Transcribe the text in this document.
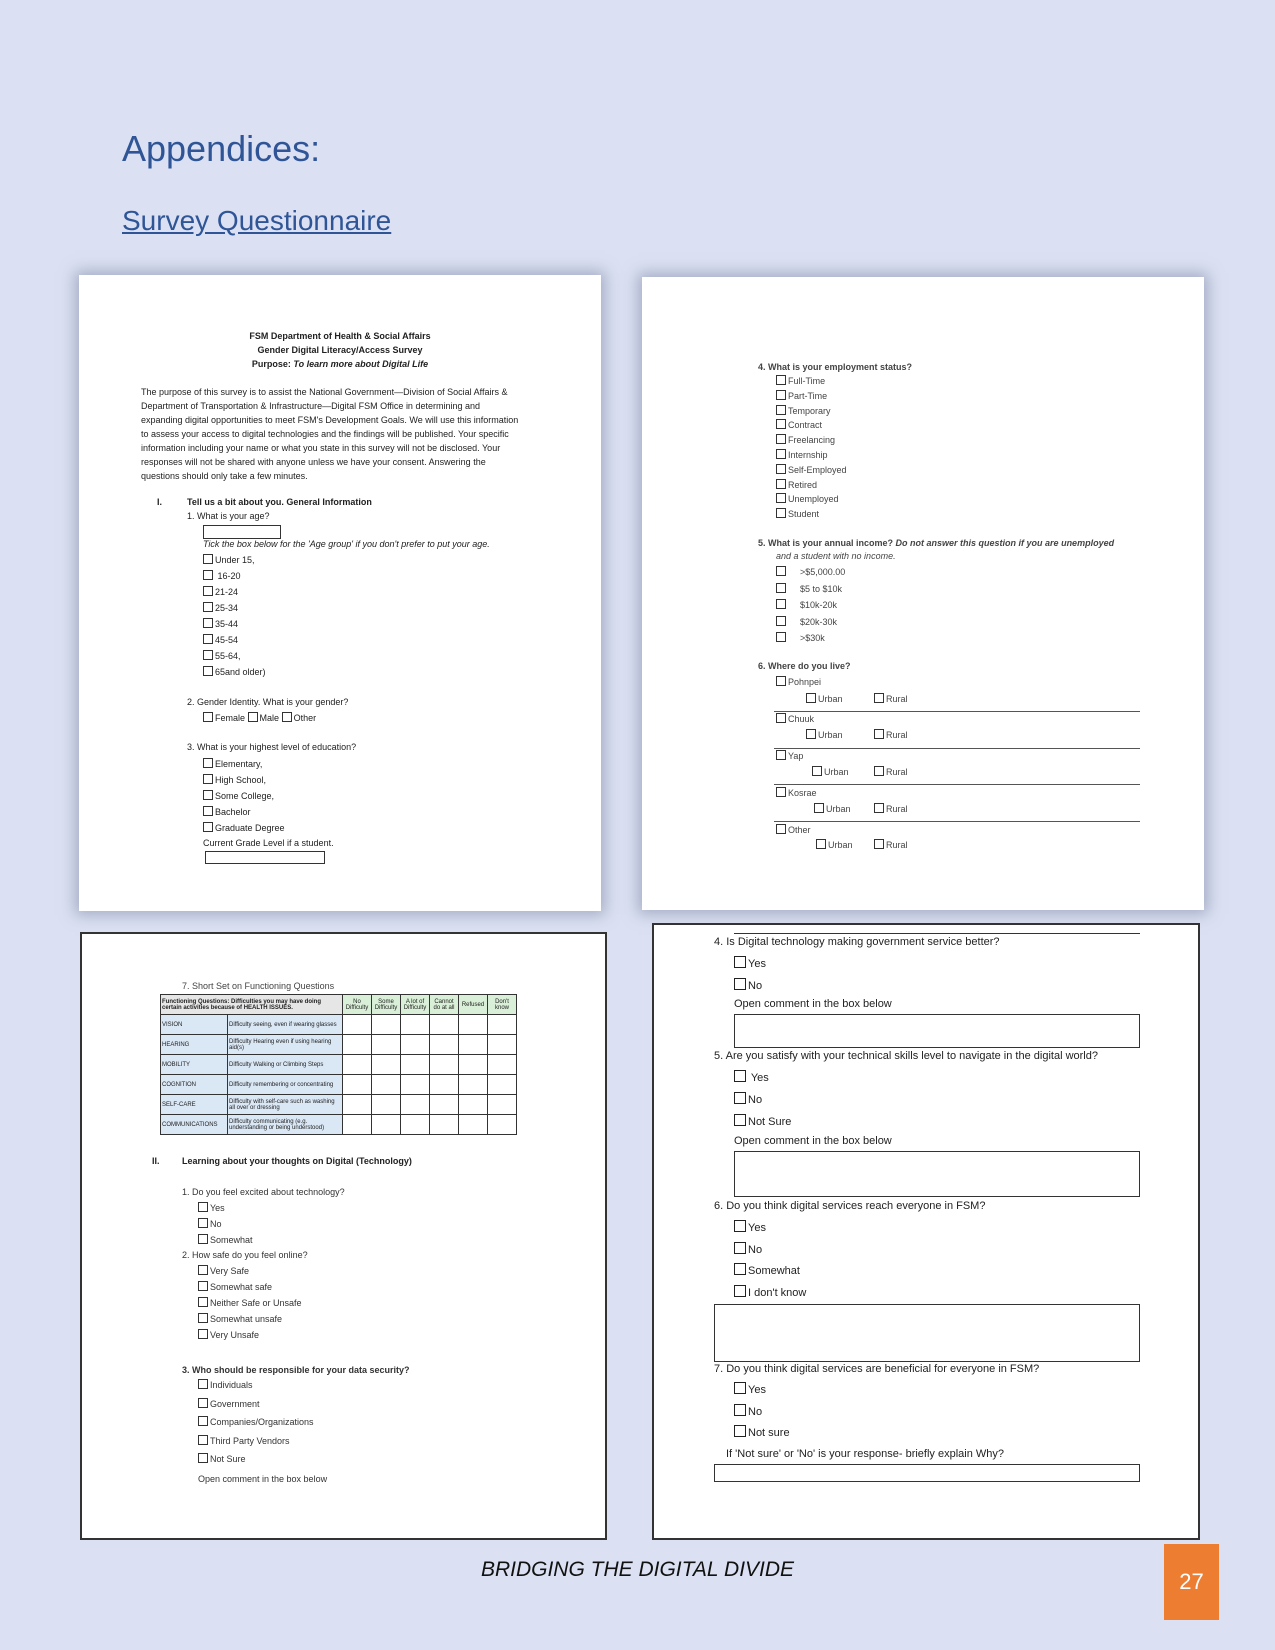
Appendices:
Survey Questionnaire
FSM Department of Health & Social Affairs
Gender Digital Literacy/Access Survey
Purpose: To learn more about Digital Life
The purpose of this survey is to assist the National Government—Division of Social Affairs &
Department of Transportation & Infrastructure—Digital FSM Office in determining and
expanding digital opportunities to meet FSM's Development Goals. We will use this information
to assess your access to digital technologies and the findings will be published. Your specific
information including your name or what you state in this survey will not be disclosed. Your
responses will not be shared with anyone unless we have your consent. Answering the
questions should only take a few minutes.
I.	Tell us a bit about you. General Information
1. What is your age?
Tick the box below for the 'Age group' if you don't prefer to put your age.
Under 15,
16-20
21-24
25-34
35-44
45-54
55-64,
65and older)
2. Gender Identity. What is your gender?
Female Male Other
3. What is your highest level of education?
Elementary,
High School,
Some College,
Bachelor
Graduate Degree
Current Grade Level if a student.
4. What is your employment status?
Full-Time
Part-Time
Temporary
Contract
Freelancing
Internship
Self-Employed
Retired
Unemployed
Student
5. What is your annual income? Do not answer this question if you are unemployed
and a student with no income.
>$5,000.00
$5 to $10k
$10k-20k
$20k-30k
>$30k
6. Where do you live?
Pohnpei
Urban	Rural
Chuuk
Urban	Rural
Yap
Urban	Rural
Kosrae
Urban	Rural
Other
Urban	Rural
7. Short Set on Functioning Questions
Functioning Questions: Difficulties you may have doing certain activities because of HEALTH ISSUES.		No Difficulty	Some Difficulty	A lot of Difficulty	Cannot do at all	Refused	Don't know
VISION	Difficulty seeing, even if wearing glasses						
HEARING	Difficulty Hearing even if using hearing aid(s)						
MOBILITY	Difficulty Walking or Climbing Steps						
COGNITION	Difficulty remembering or concentrating						
SELF-CARE	Difficulty with self-care such as washing all over or dressing						
COMMUNICATIONS	Difficulty communicating (e.g. understanding or being understood)						
II. Learning about your thoughts on Digital (Technology)
1. Do you feel excited about technology?
Yes
No
Somewhat
2. How safe do you feel online?
Very Safe
Somewhat safe
Neither Safe or Unsafe
Somewhat unsafe
Very Unsafe
3. Who should be responsible for your data security?
Individuals
Government
Companies/Organizations
Third Party Vendors
Not Sure
Open comment in the box below
4. Is Digital technology making government service better?
Yes
No
Open comment in the box below
5. Are you satisfy with your technical skills level to navigate in the digital world?
Yes
No
Not Sure
Open comment in the box below
6. Do you think digital services reach everyone in FSM?
Yes
No
Somewhat
I don't know
7. Do you think digital services are beneficial for everyone in FSM?
Yes
No
Not sure
If 'Not sure' or 'No' is your response- briefly explain Why?
BRIDGING THE DIGITAL DIVIDE	27
